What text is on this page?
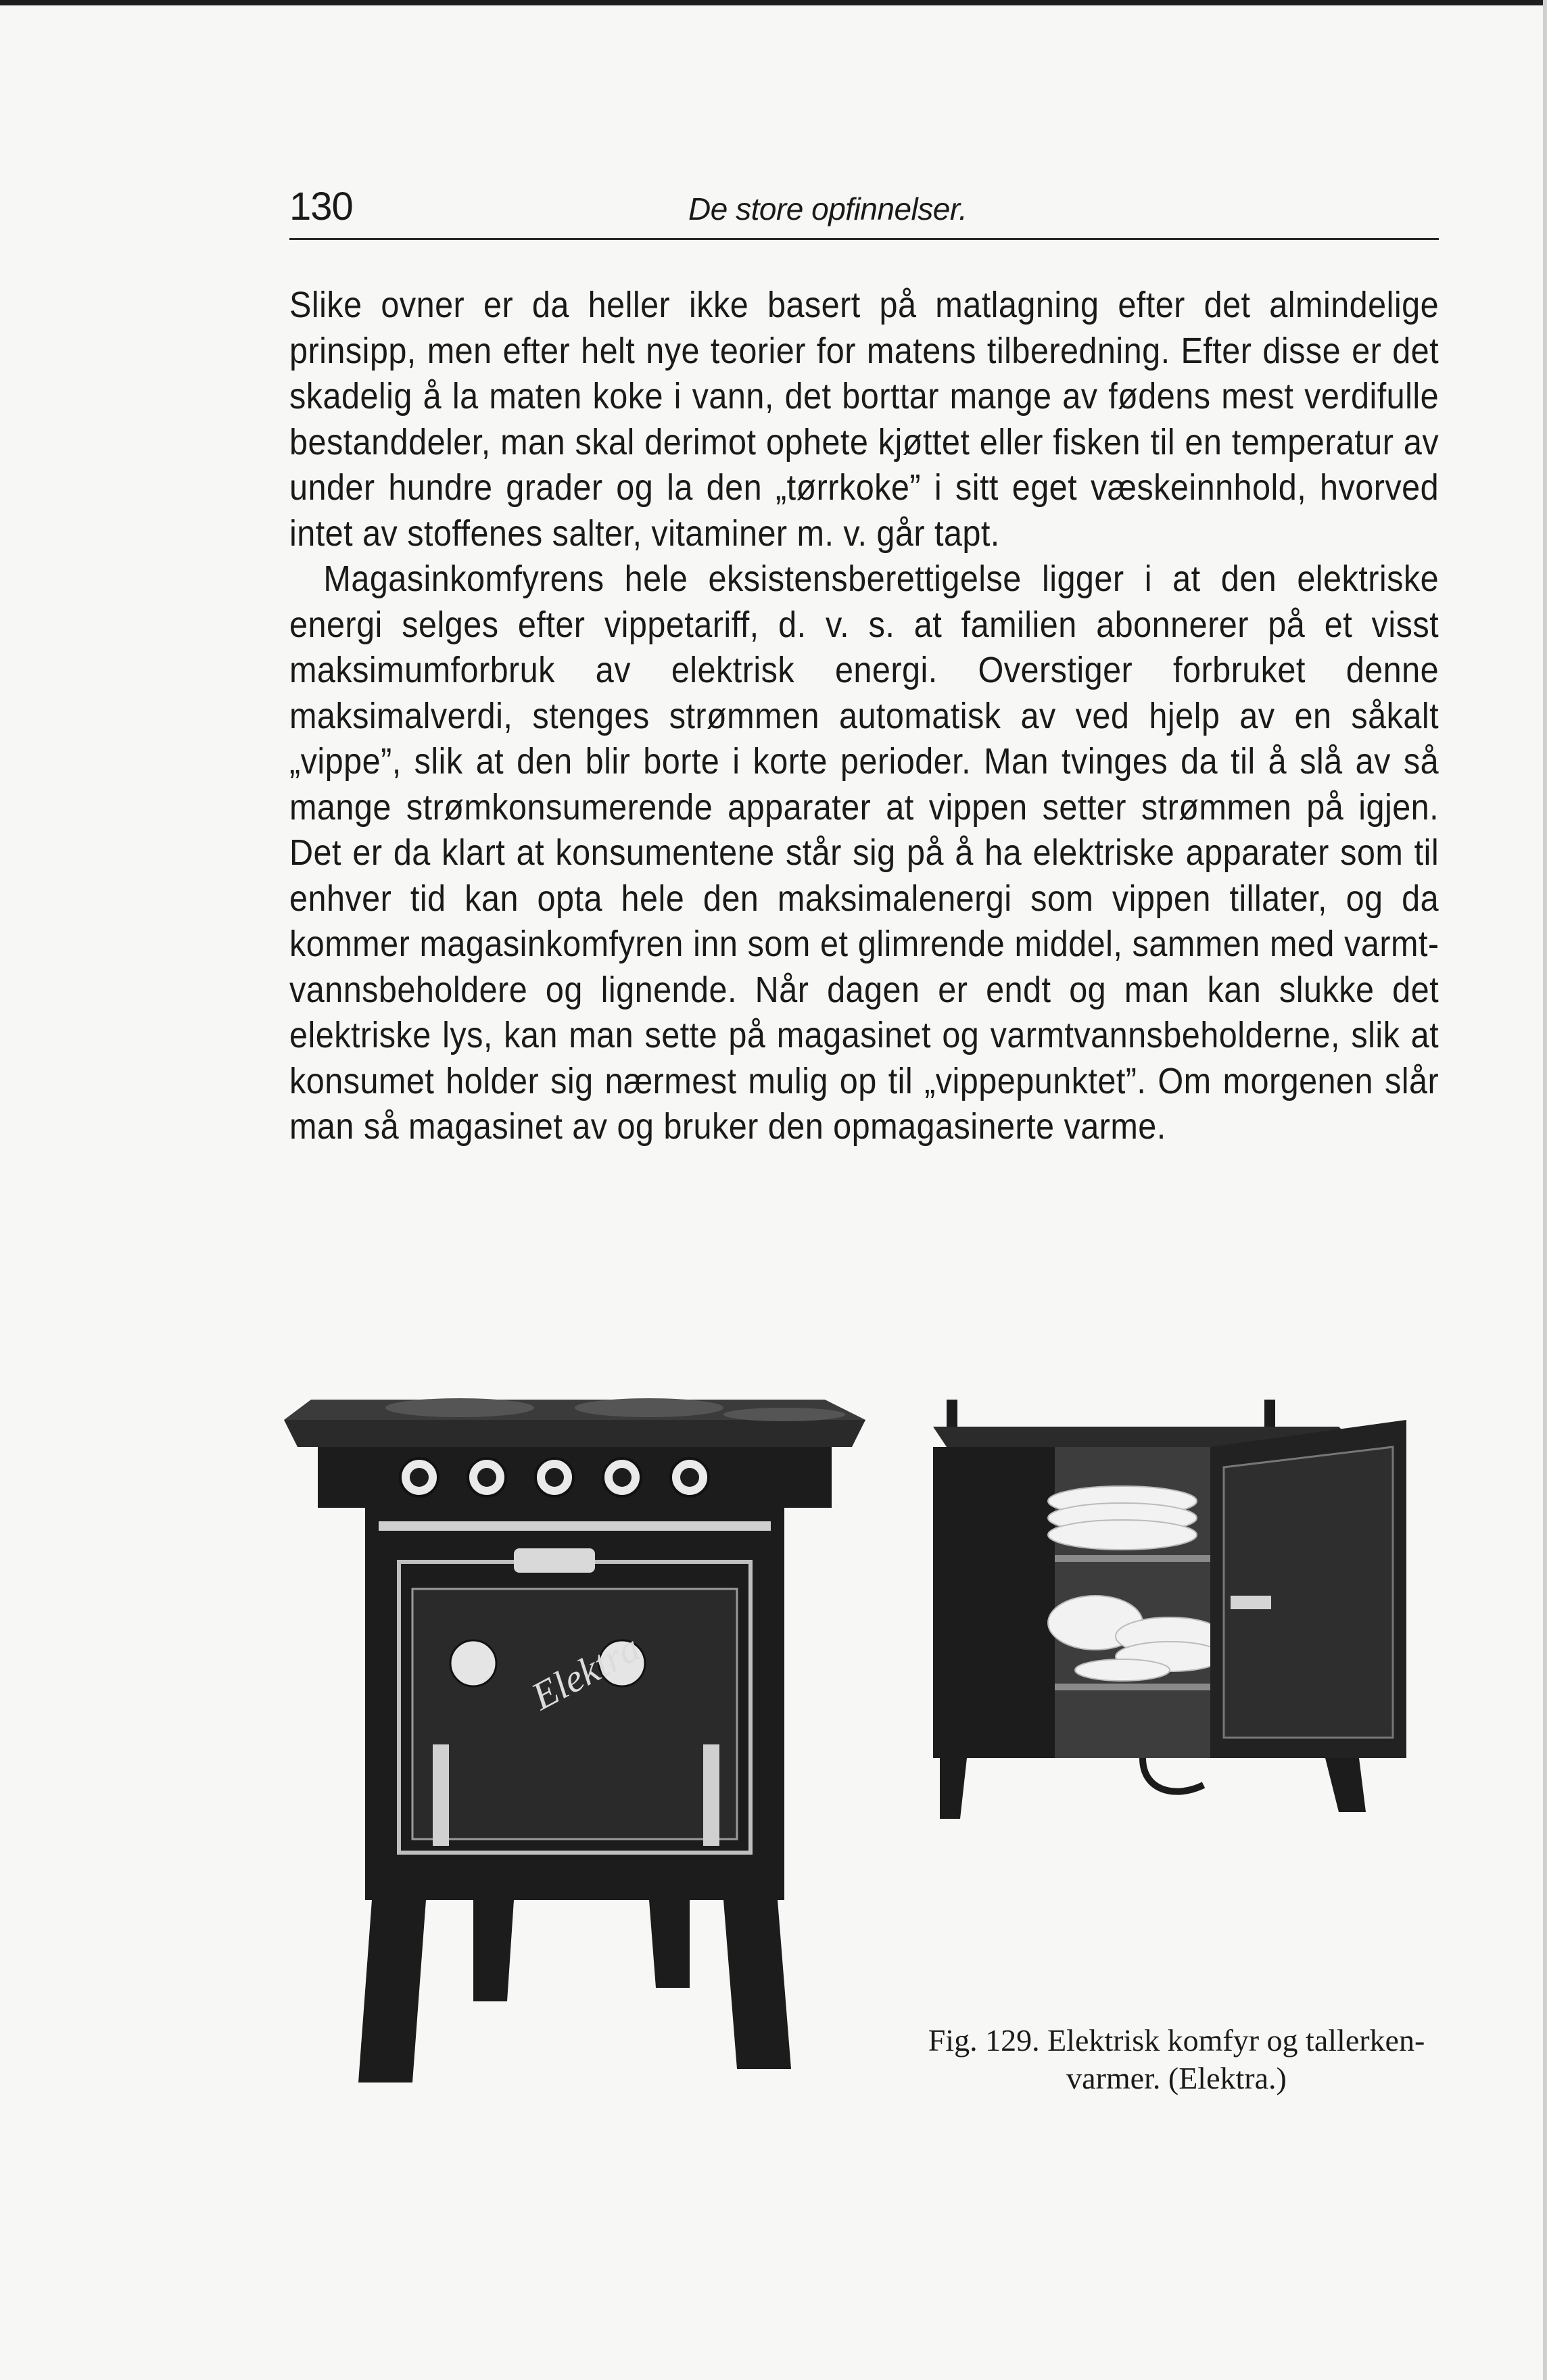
130	De store opfinnelser.

Slike ovner er da heller ikke basert på matlagning efter det almindelige prinsipp, men efter helt nye teorier for matens tilberedning. Efter disse er det skadelig å la maten koke i vann, det borttar mange av fødens mest verdifulle bestanddeler, man skal derimot ophete kjøttet eller fisken til en temperatur av under hundre grader og la den „tørrkoke” i sitt eget væskeinnhold, hvorved intet av stoffenes salter, vitaminer m. v. går tapt.

Magasinkomfyrens hele eksistensberettigelse ligger i at den elektriske energi selges efter vippetariff, d. v. s. at familien abonnerer på et visst maksimumforbruk av elektrisk energi. Overstiger forbruket denne maksimalverdi, stenges strømmen automatisk av ved hjelp av en såkalt „vippe”, slik at den blir borte i korte perioder. Man tvinges da til å slå av så mange strømkonsumerende apparater at vippen setter strømmen på igjen. Det er da klart at konsumentene står sig på å ha elektriske apparater som til enhver tid kan opta hele den maksimalenergi som vippen tillater, og da kommer magasinkomfyren inn som et glimrende middel, sammen med varmtvannsbeholdere og lignende. Når dagen er endt og man kan slukke det elektriske lys, kan man sette på magasinet og varmtvannsbeholderne, slik at konsumet holder sig nærmest mulig op til „vippepunktet”. Om morgenen slår man så magasinet av og bruker den opmagasinerte varme.

Elektra
Fig. 129. Elektrisk komfyr og tallerken-
varmer. (Elektra.)
